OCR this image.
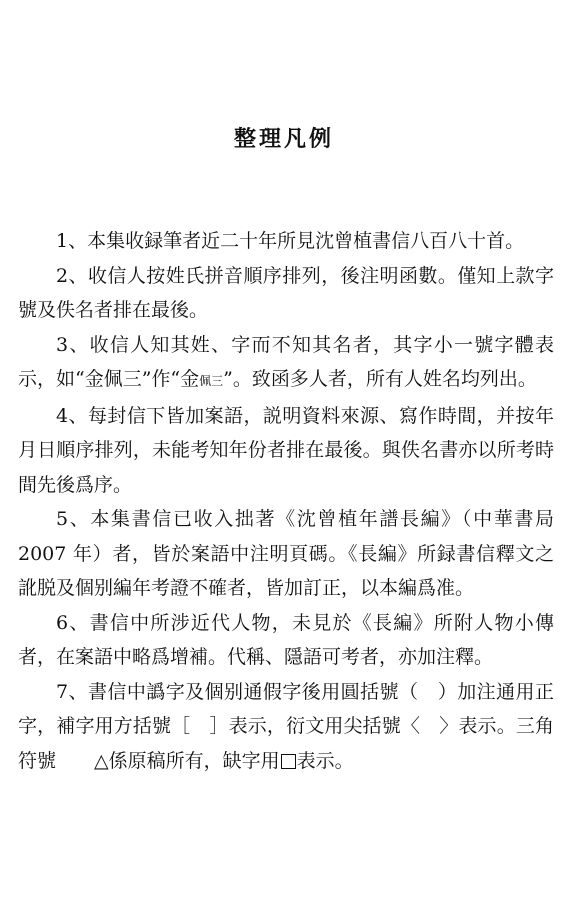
整理凡例

1、本集收録筆者近二十年所見沈曾植書信八百八十首。

2、收信人按姓氏拼音順序排列，後注明函數。僅知上款字號及佚名者排在最後。

3、收信人知其姓、字而不知其名者，其字小一號字體表示，如“金佩三”作“金佩三”。致函多人者，所有人姓名均列出。

4、每封信下皆加案語，説明資料來源、寫作時間，并按年月日順序排列，未能考知年份者排在最後。與佚名書亦以所考時間先後爲序。

5、本集書信已收入拙著《沈曾植年譜長編》（中華書局 2007 年）者，皆於案語中注明頁碼。《長編》所録書信釋文之訛脱及個别編年考證不確者，皆加訂正，以本編爲准。

6、書信中所涉近代人物，未見於《長編》所附人物小傳者，在案語中略爲增補。代稱、隱語可考者，亦加注釋。

7、書信中譌字及個别通假字後用圓括號（　）加注通用正字，補字用方括號［　］表示，衍文用尖括號〈　〉表示。三角符號 △係原稿所有，缺字用 表示。
